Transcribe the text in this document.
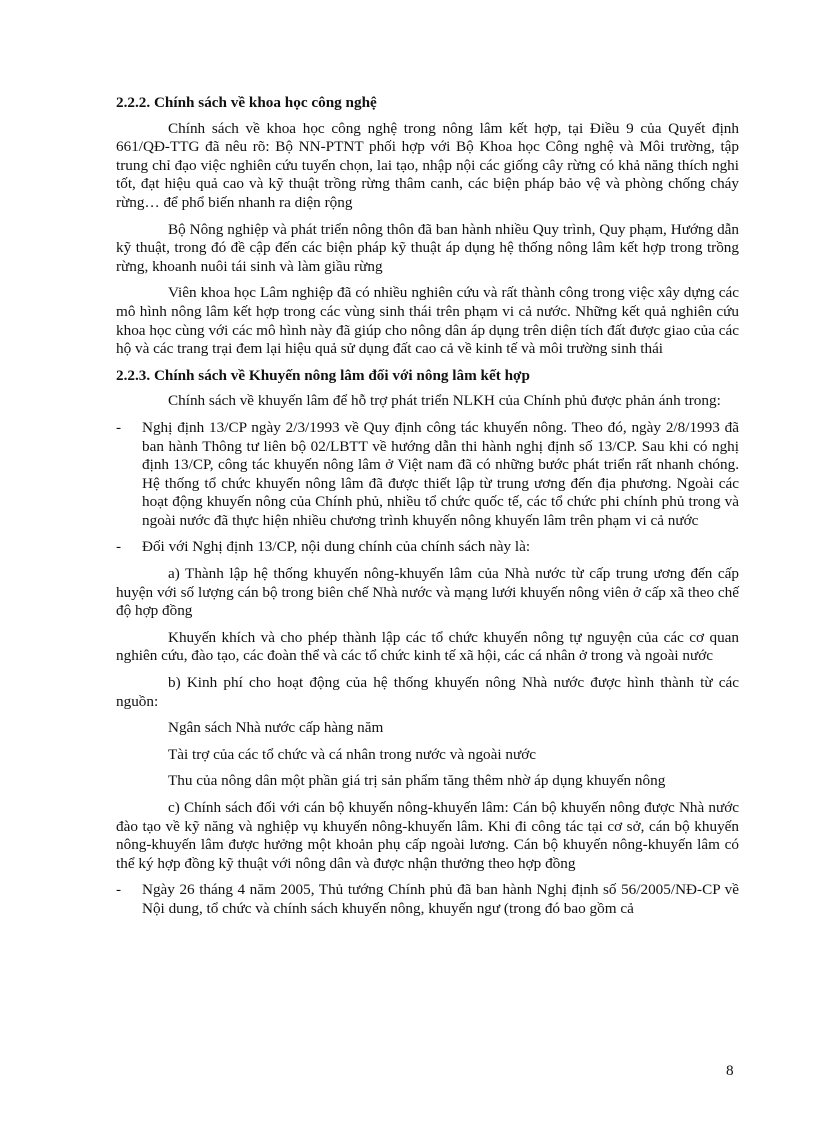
2.2.2. Chính sách về khoa học công nghệ

Chính sách về khoa học công nghệ trong nông lâm kết hợp, tại Điều 9 của Quyết định 661/QĐ-TTG đã nêu rõ: Bộ NN-PTNT phối hợp với Bộ Khoa học Công nghệ và Môi trường, tập trung chỉ đạo việc nghiên cứu tuyển chọn, lai tạo, nhập nội các giống cây rừng có khả năng thích nghi tốt, đạt hiệu quả cao và kỹ thuật trồng rừng thâm canh, các biện pháp bảo vệ và phòng chống cháy rừng… để phổ biến nhanh ra diện rộng

Bộ Nông nghiệp và phát triển nông thôn đã ban hành nhiều Quy trình, Quy phạm, Hướng dẫn kỹ thuật, trong đó đề cập đến các biện pháp kỹ thuật áp dụng hệ thống nông lâm kết hợp trong trồng rừng, khoanh nuôi tái sinh và làm giầu rừng

Viên khoa học Lâm nghiệp đã có nhiều nghiên cứu và rất thành công trong việc xây dựng các mô hình nông lâm kết hợp trong các vùng sinh thái trên phạm vi cả nước. Những kết quả nghiên cứu khoa học cùng với các mô hình này đã giúp cho nông dân áp dụng trên diện tích đất được giao của các hộ và các trang trại đem lại hiệu quả sử dụng đất cao cả về kinh tế và môi trường sinh thái

2.2.3. Chính sách về Khuyến nông lâm đối với nông lâm kết hợp

Chính sách về khuyến lâm để hỗ trợ phát triển NLKH của Chính phủ được phản ánh trong:

- Nghị định 13/CP ngày 2/3/1993 về Quy định công tác khuyến nông. Theo đó, ngày 2/8/1993 đã ban hành Thông tư liên bộ 02/LBTT về hướng dẫn thi hành nghị định số 13/CP. Sau khi có nghị định 13/CP, công tác khuyến nông lâm ở Việt nam đã có những bước phát triển rất nhanh chóng. Hệ thống tổ chức khuyến nông lâm đã được thiết lập từ trung ương đến địa phương. Ngoài các hoạt động khuyến nông của Chính phủ, nhiều tổ chức quốc tế, các tổ chức phi chính phủ trong và ngoài nước đã thực hiện nhiều chương trình khuyến nông khuyến lâm trên phạm vi cả nước
- Đối với Nghị định 13/CP, nội dung chính của chính sách này là:

a) Thành lập hệ thống khuyến nông-khuyến lâm của Nhà nước từ cấp trung ương đến cấp huyện với số lượng cán bộ trong biên chế Nhà nước và mạng lưới khuyến nông viên ở cấp xã theo chế độ hợp đồng

Khuyến khích và cho phép thành lập các tổ chức khuyến nông tự nguyện của các cơ quan nghiên cứu, đào tạo, các đoàn thể và các tổ chức kinh tế xã hội, các cá nhân ở trong và ngoài nước

b) Kinh phí cho hoạt động của hệ thống khuyến nông Nhà nước được hình thành từ các nguồn:

Ngân sách Nhà nước cấp hàng năm

Tài trợ của các tổ chức và cá nhân trong nước và ngoài nước

Thu của nông dân một phần giá trị sản phẩm tăng thêm nhờ áp dụng khuyến nông

c) Chính sách đối với cán bộ khuyến nông-khuyến lâm: Cán bộ khuyến nông được Nhà nước đào tạo về kỹ năng và nghiệp vụ khuyến nông-khuyến lâm. Khi đi công tác tại cơ sở, cán bộ khuyến nông-khuyến lâm được hưởng một khoản phụ cấp ngoài lương. Cán bộ khuyến nông-khuyến lâm có thể ký hợp đồng kỹ thuật với nông dân và được nhận thưởng theo hợp đồng

- Ngày 26 tháng 4 năm 2005, Thủ tướng Chính phủ đã ban hành Nghị định số 56/2005/NĐ-CP về Nội dung, tổ chức và chính sách khuyến nông, khuyến ngư (trong đó bao gồm cả
8
